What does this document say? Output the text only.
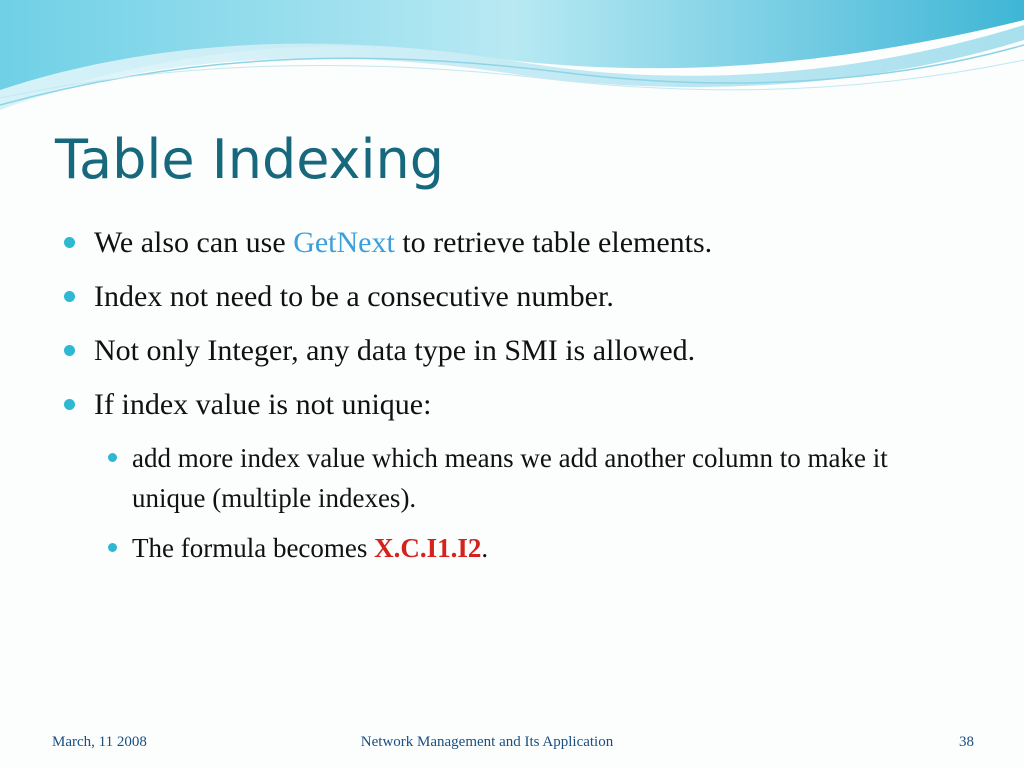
Table Indexing
We also can use GetNext to retrieve table elements.
Index not need to be a consecutive number.
Not only Integer, any data type in SMI is allowed.
If index value is not unique:
add more index value which means we add another column to make it unique (multiple indexes).
The formula becomes X.C.I1.I2.
March, 11 2008	Network Management and Its Application	38
